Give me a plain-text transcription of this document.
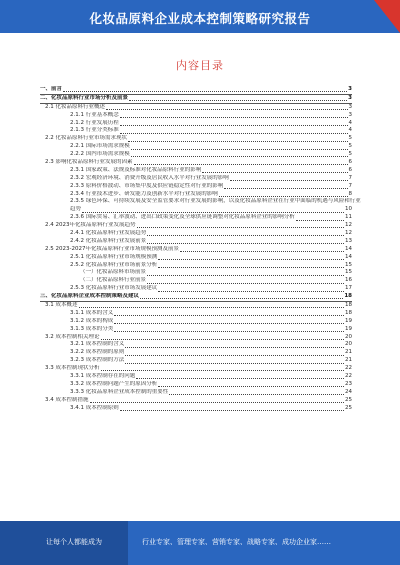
化妆品原料企业成本控制策略研究报告
内容目录
一、前言	3
二、化妆品原料行业市场分析及前景	3
2.1 化妆品原料行业概述	3
2.1.1 行业基本概念	3
2.1.2 行业发展历程	4
2.1.3 行业分类标准	4
2.2 化妆品原料行业市场需求现状	5
2.2.1 国际市场需求规模	5
2.2.2 国内市场需求规模	5
2.3 影响化妆品原料行业发展的因素	6
2.3.1 国家政策、法规及标准对化妆品原料行业的影响	6
2.3.2 宏观经济环境、消费升级及居民收入水平对行业发展的影响	7
2.3.3 原料价格波动、市场集中度及供应链稳定性对行业的影响	7
2.3.4 行业技术进步、研发能力及创新水平对行业发展的影响	8
2.3.5 绿色环保、可持续发展及安全监管要求对行业发展的影响，以及化妆品原料企业在行业中面临的机遇与风险和行业
趋势	10
2.3.6 国际贸易、汇率波动、进出口政策变化及全球供应链调整对化妆品原料企业的影响分析	11
2.4 2023年化妆品原料行业发展趋势	12
2.4.1 化妆品原料行业发展趋势	12
2.4.2 化妆品原料行业发展前景	13
2.5 2023-2027年化妆品原料行业市场规模预测及前景	14
2.5.1 化妆品原料行业市场规模预测	14
2.5.2 化妆品原料行业市场前景分析	15
（一）化妆品原料市场前景	15
（二）化妆品原料行业前景	16
2.5.3 化妆品原料行业市场发展建议	17
三、化妆品原料企业成本控制策略及建议	18
3.1 成本概述	18
3.1.1 成本的含义	18
3.1.2 成本的构成	19
3.1.3 成本的分类	19
3.2 成本控制相关理论	20
3.2.1 成本控制的含义	20
3.2.2 成本控制的原则	21
3.2.3 成本控制的方法	21
3.3 成本控制现状分析	22
3.3.1 成本控制存在的问题	22
3.3.2 成本控制问题产生的原因分析	23
3.3.3 化妆品原料企业成本控制的重要性	24
3.4 成本控制措施	25
3.4.1 成本控制原则	25
让每个人都能成为	行业专家、管理专家、营销专家、战略专家、成功企业家……
